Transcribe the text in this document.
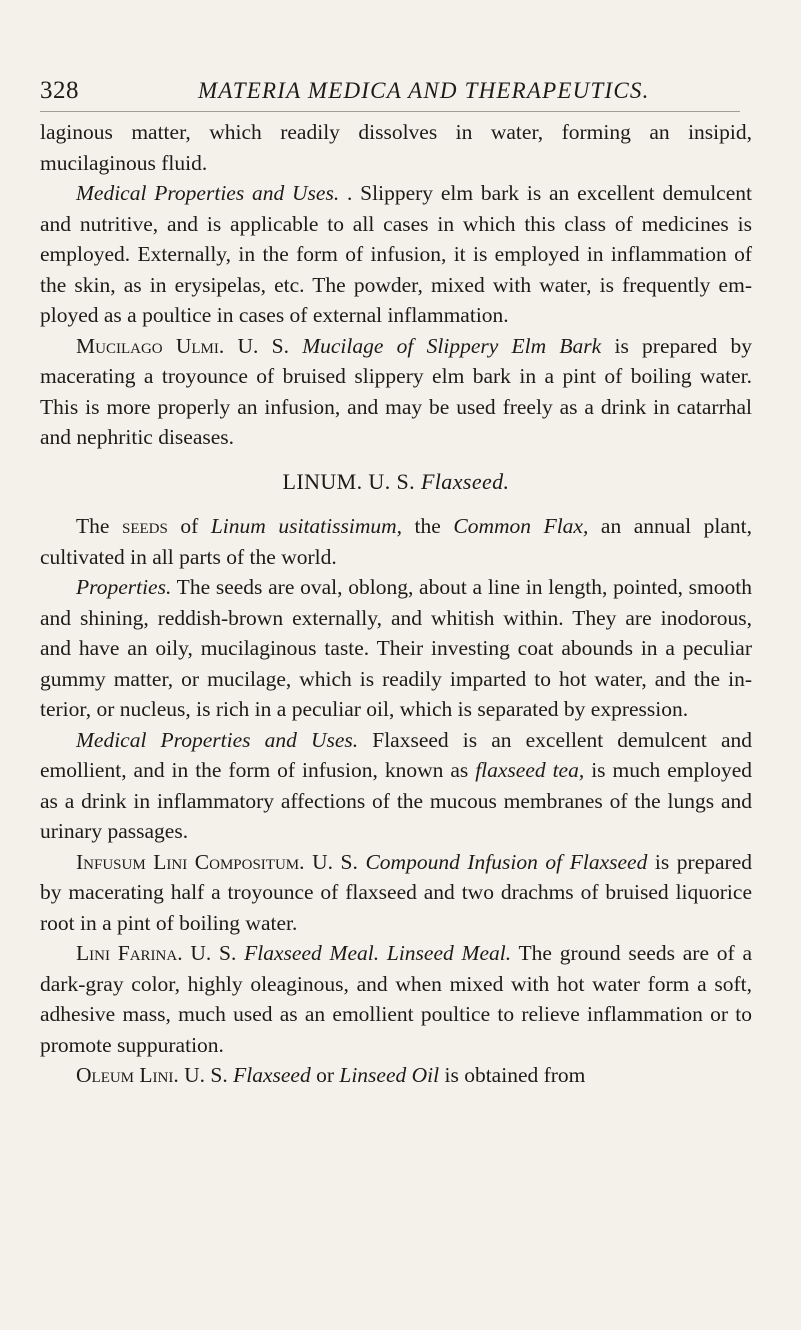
328	MATERIA MEDICA AND THERAPEUTICS.

laginous matter, which readily dissolves in water, forming an insipid, mucilaginous fluid.

Medical Properties and Uses. . Slippery elm bark is an excellent demulcent and nutritive, and is applicable to all cases in which this class of medicines is employed. Externally, in the form of infusion, it is employed in inflammation of the skin, as in erysipelas, etc. The powder, mixed with water, is frequently employed as a poultice in cases of external inflammation.

Mucilago Ulmi. U. S. Mucilage of Slippery Elm Bark is prepared by macerating a troyounce of bruised slippery elm bark in a pint of boiling water. This is more properly an infusion, and may be used freely as a drink in catarrhal and nephritic diseases.

LINUM. U. S. Flaxseed.

The seeds of Linum usitatissimum, the Common Flax, an annual plant, cultivated in all parts of the world.

Properties. The seeds are oval, oblong, about a line in length, pointed, smooth and shining, reddish-brown externally, and whitish within. They are inodorous, and have an oily, mucilaginous taste. Their investing coat abounds in a peculiar gummy matter, or mucilage, which is readily imparted to hot water, and the interior, or nucleus, is rich in a peculiar oil, which is separated by expression.

Medical Properties and Uses. Flaxseed is an excellent demulcent and emollient, and in the form of infusion, known as flaxseed tea, is much employed as a drink in inflammatory affections of the mucous membranes of the lungs and urinary passages.

Infusum Lini Compositum. U. S. Compound Infusion of Flaxseed is prepared by macerating half a troyounce of flaxseed and two drachms of bruised liquorice root in a pint of boiling water.

Lini Farina. U. S. Flaxseed Meal. Linseed Meal. The ground seeds are of a dark-gray color, highly oleaginous, and when mixed with hot water form a soft, adhesive mass, much used as an emollient poultice to relieve inflammation or to promote suppuration.

Oleum Lini. U. S. Flaxseed or Linseed Oil is obtained from
